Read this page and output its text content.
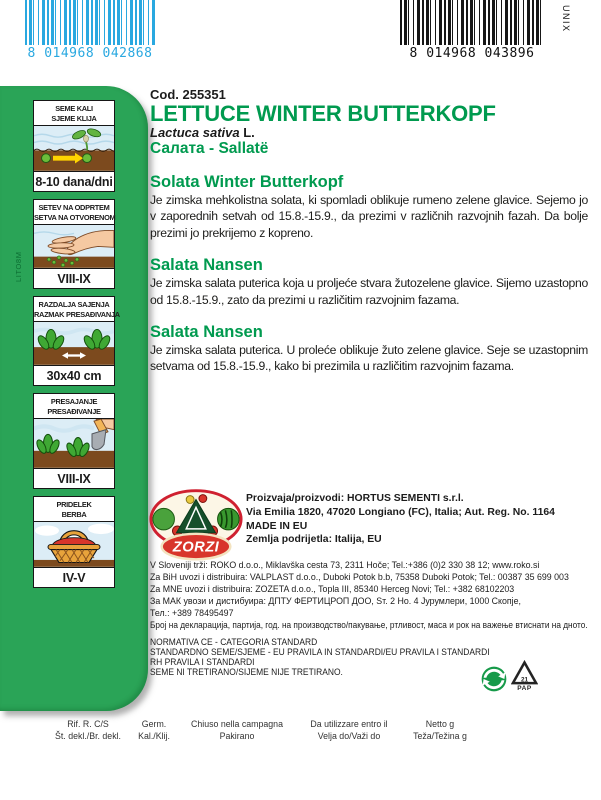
8 014968 042868	8 014968 043896
UNIX
LITO8M
SEME KALI
SJEME KLIJA
8-10 dana/dni
SETEV NA ODPRTEM
SETVA NA OTVORENOM
VIII-IX
RAZDALJA SAJENJA
RAZMAK PRESAĐIVANJA
30x40 cm
PRESAJANJE
PRESAĐIVANJE
VIII-IX
PRIDELEK
BERBA
IV-V

Cod. 255351

LETTUCE WINTER BUTTERKOPF

Lactuca sativa L.

Салата - Sallatë

Solata Winter Butterkopf

Je zimska mehkolistna solata, ki spomladi oblikuje rumeno zelene glavice. Sejemo jo v zaporednih setvah od 15.8.-15.9., da prezimi v različnih razvojnih fazah. Da bolje prezimi jo prekrijemo z kopreno.

Salata Nansen

Je zimska salata puterica koja u proljeće stvara žutozelene glavice. Sijemo uzastopno od 15.8.-15.9., zato da prezimi u različitim razvojnim fazama.

Salata Nansen

Je zimska salata puterica. U proleće oblikuje žuto zelene glavice. Seje se uzastopnim setvama od 15.8.-15.9., kako bi prezimila u različitim razvojnim fazama.

ZORZI
Proizvaja/proizvodi: HORTUS SEMENTI s.r.l.
Via Emilia 1820, 47020 Longiano (FC), Italia; Aut. Reg. No. 1164
MADE IN EU
Zemlja podrijetla: Italija, EU
V Sloveniji trži: ROKO d.o.o., Miklavška cesta 73, 2311 Hoče; Tel.:+386 (0)2 330 38 12; www.roko.si
Za BiH uvozi i distribuira: VALPLAST d.o.o., Duboki Potok b.b, 75358 Duboki Potok; Tel.: 00387 35 699 003
Za MNE uvozi i distribuira: ZOZETA d.o.o., Topla III, 85340 Herceg Novi; Tel.: +382 68102203
За МАК увози и дистибуира: ДПТУ ФЕРТИЦРОП ДОО, Ѕт. 2 Но. 4 Јурумлери, 1000 Скопје,
Тел.: +389 78495497
Број на декларација, партија, год. на производство/пакување, ртливост, маса и рок на важење втиснати на дното.
NORMATIVA CE - CATEGORIA STANDARD
STANDARDNO SEME/SJEME - EU PRAVILA IN STANDARDI/EU PRAVILA I STANDARDI
RH PRAVILA I STANDARDI
SEME NI TRETIRANO/SIJEME NIJE TRETIRANO.
21
PAP
Rif. R. C/S
Št. dekl./Br. dekl.
Germ.
Kal./Klij.
Chiuso nella campagna
Pakirano
Da utilizzare entro il
Velja do/Važi do
Netto g
Teža/Težina g
